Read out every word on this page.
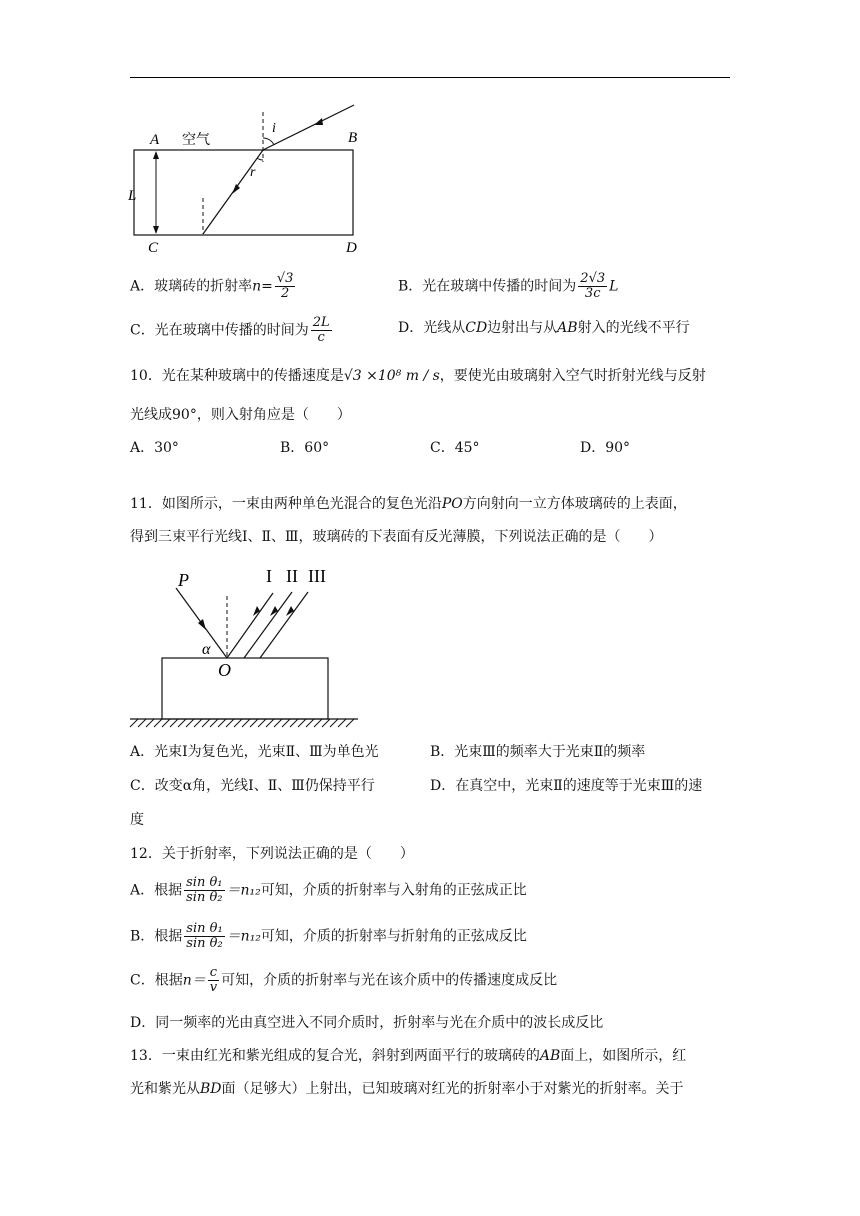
A 空气	B
C	D
L
i
r
A．玻璃砖的折射率$n= \frac{√3}{2}$	B．光在玻璃中传播的时间为 $\frac{2√3}{3c}$ L
C．光在玻璃中传播的时间为 $\frac{2L}{c}$	D．光线从CD边射出与从AB射入的光线不平行
10．光在某种玻璃中的传播速度是√3 ×10⁸ m / s，要使光由玻璃射入空气时折射光线与反射
光线成90°，则入射角应是（　　）
A．30°	B．60°	C．45°	D．90°
11．如图所示，一束由两种单色光混合的复色光沿PO方向射向一立方体玻璃砖的上表面，
得到三束平行光线Ⅰ、Ⅱ、Ⅲ，玻璃砖的下表面有反光薄膜，下列说法正确的是（　　）
P
α
O
I II III
A．光束Ⅰ为复色光，光束Ⅱ、Ⅲ为单色光	B．光束Ⅲ的频率大于光束Ⅱ的频率
C．改变α角，光线Ⅰ、Ⅱ、Ⅲ仍保持平行	D．在真空中，光束Ⅱ的速度等于光束Ⅲ的速
度
12．关于折射率，下列说法正确的是（　　）
A．根据 $\frac{\text{sin θ₁}}{\text{sin θ₂}} =n_{12}$可知，介质的折射率与入射角的正弦成正比
B．根据 $\frac{\text{sin θ₁}}{\text{sin θ₂}} =n_{12}$可知，介质的折射率与折射角的正弦成反比
C．根据$n= \frac{c}{v}$ 可知，介质的折射率与光在该介质中的传播速度成反比
D．同一频率的光由真空进入不同介质时，折射率与光在介质中的波长成反比
13．一束由红光和紫光组成的复合光，斜射到两面平行的玻璃砖的AB面上，如图所示，红
光和紫光从BD面（足够大）上射出，已知玻璃对红光的折射率小于对紫光的折射率。关于
